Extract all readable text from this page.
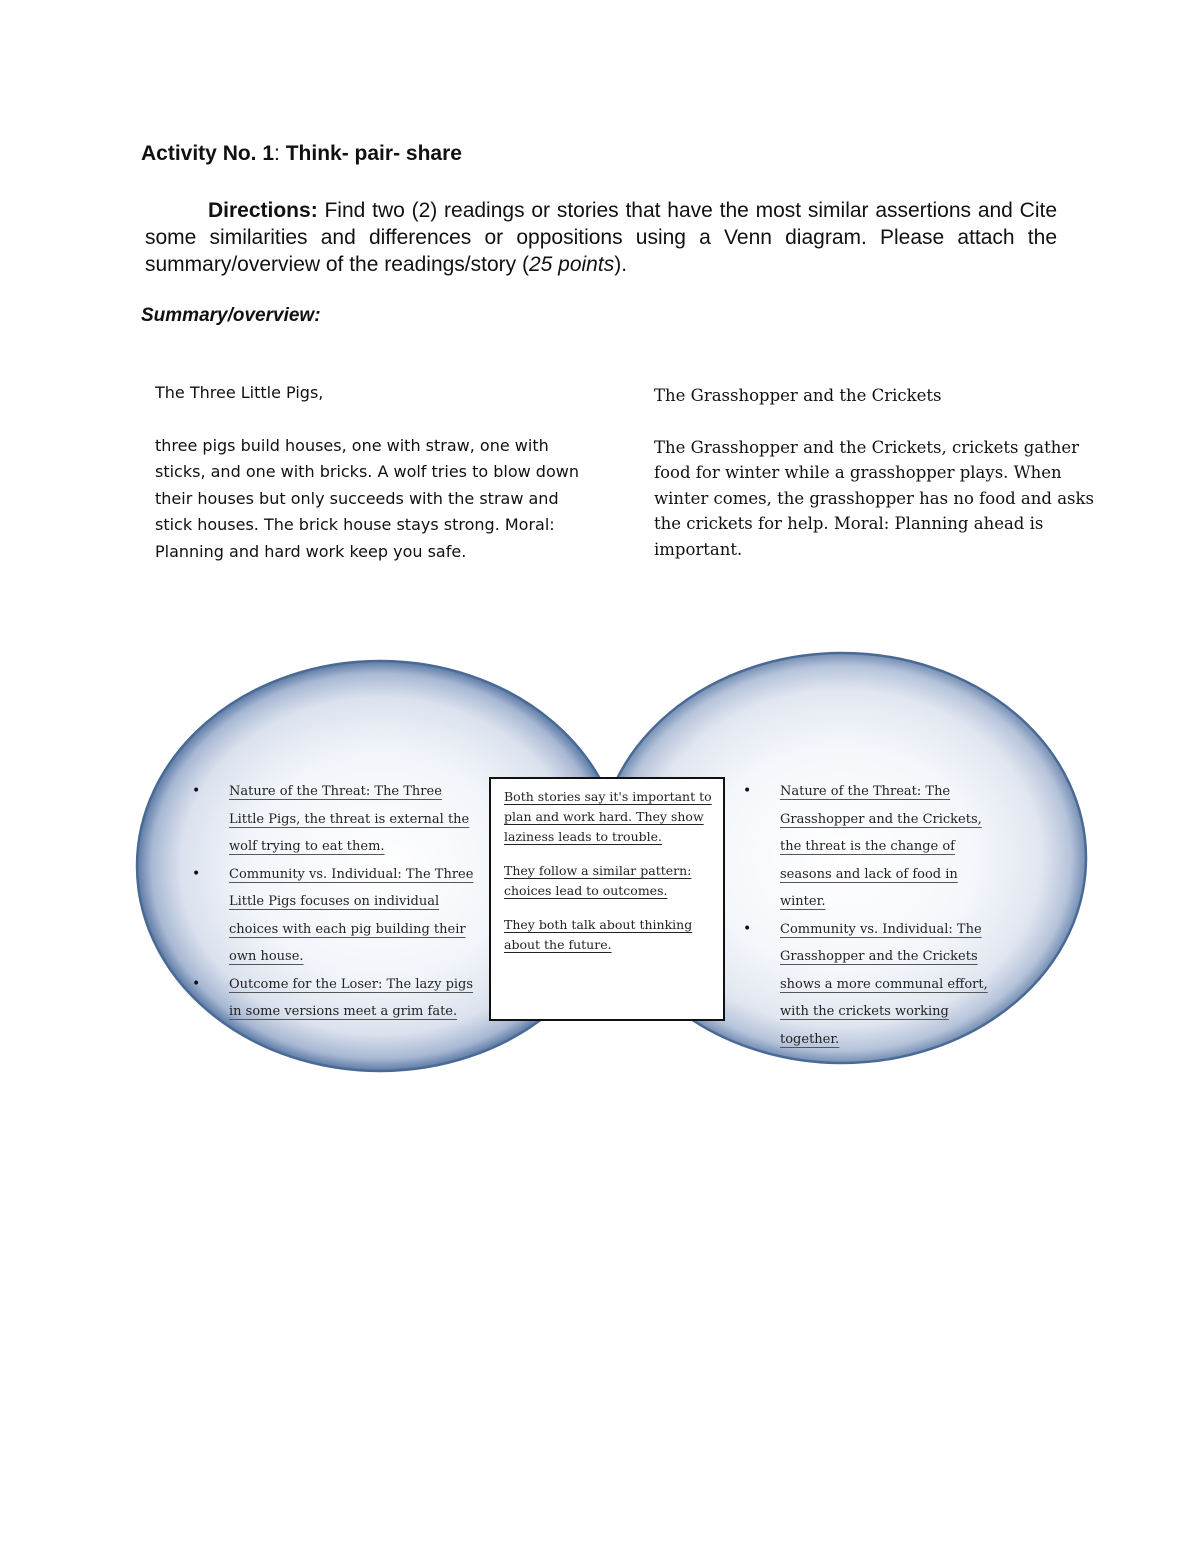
Activity No. 1: Think- pair- share
Directions: Find two (2) readings or stories that have the most similar assertions and Cite some similarities and differences or oppositions using a Venn diagram. Please attach the summary/overview of the readings/story (25 points).
Summary/overview:
The Three Little Pigs,
three pigs build houses, one with straw, one with sticks, and one with bricks. A wolf tries to blow down their houses but only succeeds with the straw and stick houses. The brick house stays strong. Moral: Planning and hard work keep you safe.
The Grasshopper and the Crickets
The Grasshopper and the Crickets, crickets gather food for winter while a grasshopper plays. When winter comes, the grasshopper has no food and asks the crickets for help. Moral: Planning ahead is important.
• Nature of the Threat: The Three Little Pigs, the threat is external the wolf trying to eat them.
• Community vs. Individual: The Three Little Pigs focuses on individual choices with each pig building their own house.
• Outcome for the Loser: The lazy pigs in some versions meet a grim fate.

Both stories say it's important to plan and work hard. They show laziness leads to trouble.

They follow a similar pattern: choices lead to outcomes.

They both talk about thinking about the future.

• Nature of the Threat: The Grasshopper and the Crickets, the threat is the change of seasons and lack of food in winter.
• Community vs. Individual: The Grasshopper and the Crickets shows a more communal effort, with the crickets working together.
